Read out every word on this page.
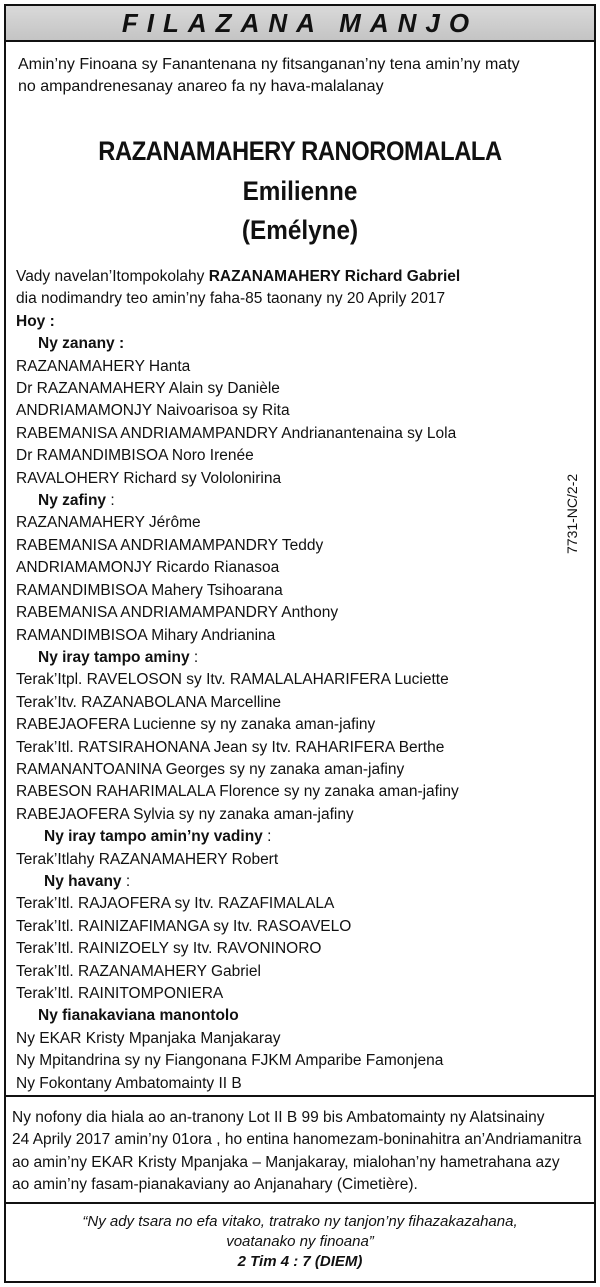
FILAZANA MANJO
Amin’ny Finoana sy Fanantenana ny fitsanganan’ny tena amin’ny maty
no ampandrenesanay anareo fa ny hava-malalanay
RAZANAMAHERY RANOROMALALA
Emilienne
(Emélyne)
Vady navelan’Itompokolahy RAZANAMAHERY Richard Gabriel
dia nodimandry teo amin’ny faha-85 taonany ny 20 Aprily 2017
Hoy :
Ny zanany :
RAZANAMAHERY Hanta
Dr RAZANAMAHERY Alain sy Danièle
ANDRIAMAMONJY Naivoarisoa sy Rita
RABEMANISA ANDRIAMAMPANDRY Andrianantenaina sy Lola
Dr RAMANDIMBISOA Noro Irenée
RAVALOHERY Richard sy Vololonirina
Ny zafiny :
RAZANAMAHERY Jérôme
RABEMANISA ANDRIAMAMPANDRY Teddy
ANDRIAMAMONJY Ricardo Rianasoa
RAMANDIMBISOA Mahery Tsihoarana
RABEMANISA ANDRIAMAMPANDRY Anthony
RAMANDIMBISOA Mihary Andrianina
Ny iray tampo aminy :
Terak’Itpl. RAVELOSON sy Itv. RAMALALAHARIFERA Luciette
Terak’Itv. RAZANABOLANA Marcelline
RABEJAOFERA Lucienne sy ny zanaka aman-jafiny
Terak’Itl. RATSIRAHONANA Jean sy Itv. RAHARIFERA Berthe
RAMANANTOANINA Georges sy ny zanaka aman-jafiny
RABESON RAHARIMALALA Florence sy ny zanaka aman-jafiny
RABEJAOFERA Sylvia sy ny zanaka aman-jafiny
Ny iray tampo amin’ny vadiny :
Terak’Itlahy RAZANAMAHERY Robert
Ny havany :
Terak’Itl. RAJAOFERA sy Itv. RAZAFIMALALA
Terak’Itl. RAINIZAFIMANGA sy Itv. RASOAVELO
Terak’Itl. RAINIZOELY sy Itv. RAVONINORO
Terak’Itl. RAZANAMAHERY Gabriel
Terak’Itl. RAINITOMPONIERA
Ny fianakaviana manontolo
Ny EKAR Kristy Mpanjaka Manjakaray
Ny Mpitandrina sy ny Fiangonana FJKM Amparibe Famonjena
Ny Fokontany Ambatomainty II B
7731-NC/2-2
Ny nofony dia hiala ao an-tranony Lot II B 99 bis Ambatomainty ny Alatsinainy
24 Aprily 2017 amin’ny 01ora , ho entina hanomezam-boninahitra an’Andriamanitra
ao amin’ny EKAR Kristy Mpanjaka – Manjakaray, mialohan’ny hametrahana azy
ao amin’ny fasam-pianakaviany ao Anjanahary (Cimetière).
“Ny ady tsara no efa vitako, tratrako ny tanjon’ny fihazakazahana,
voatanako ny finoana”
2 Tim 4 : 7 (DIEM)
